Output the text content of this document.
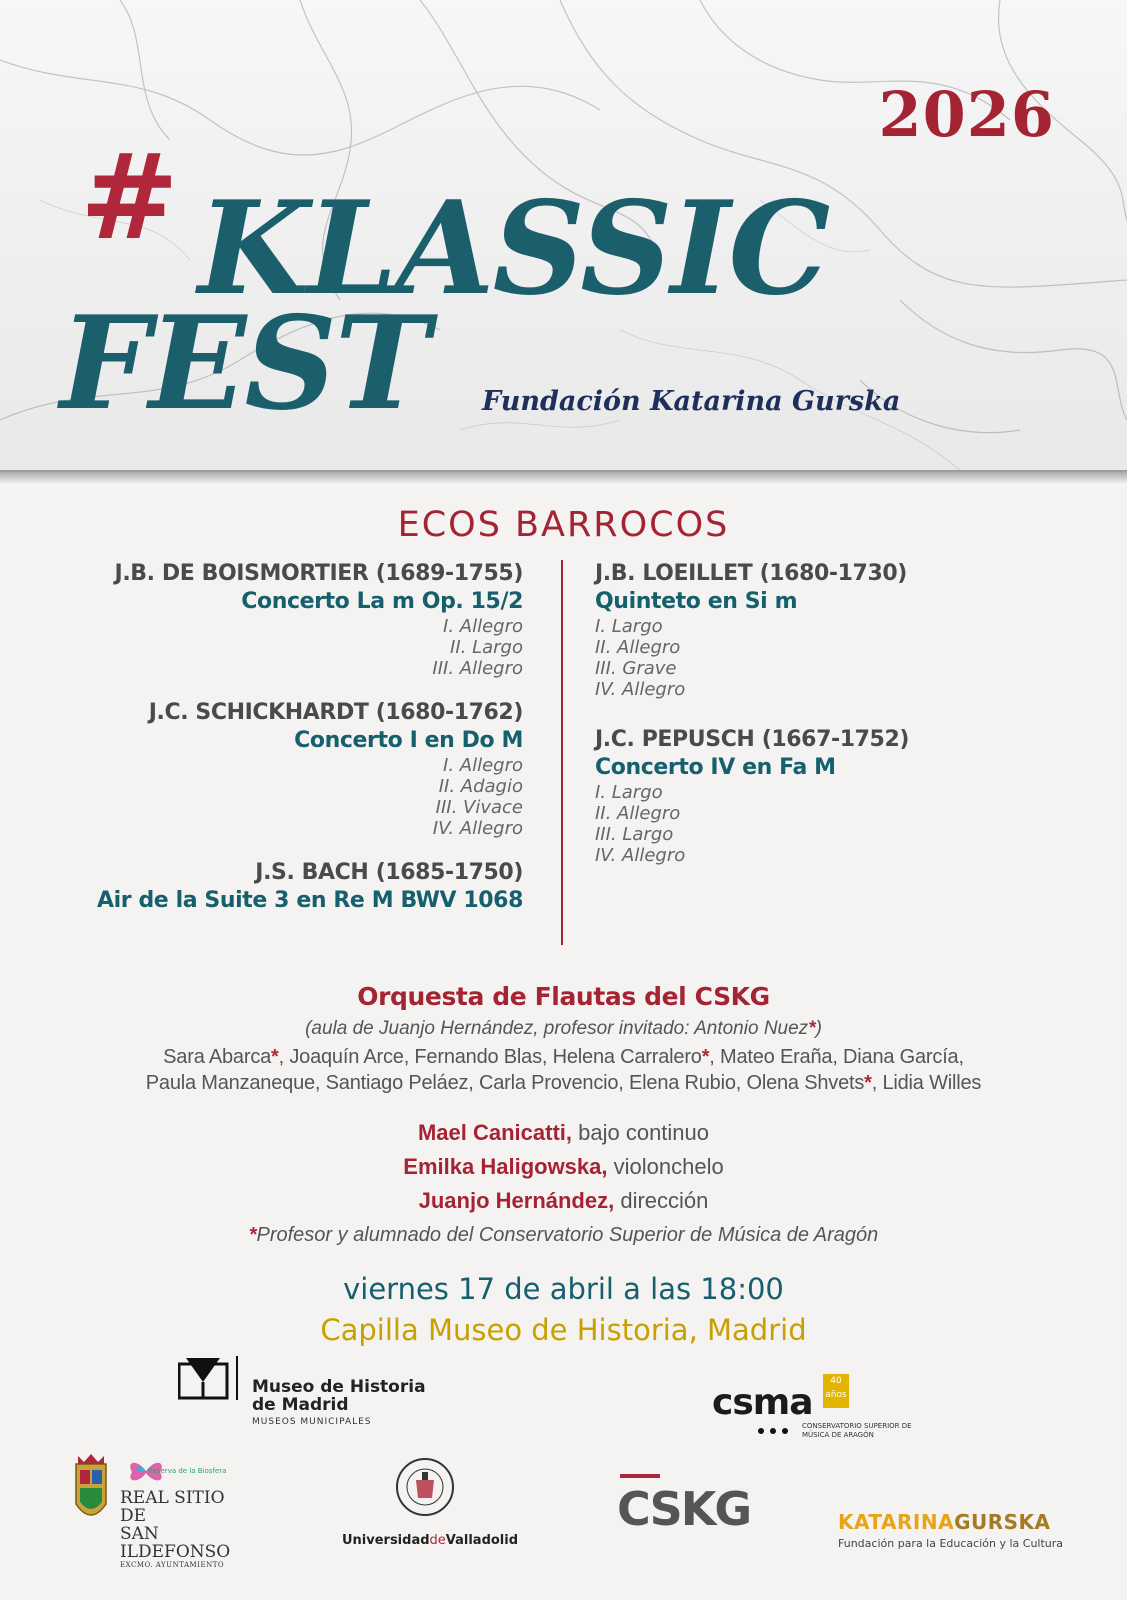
2026
# KLASSIC
FEST Fundación Katarina Gurska
ECOS BARROCOS
J.B. DE BOISMORTIER (1689-1755)
Concerto La m Op. 15/2
I. Allegro
II. Largo
III. Allegro
J.C. SCHICKHARDT (1680-1762)
Concerto I en Do M
I. Allegro
II. Adagio
III. Vivace
IV. Allegro
J.S. BACH (1685-1750)
Air de la Suite 3 en Re M BWV 1068
J.B. LOEILLET (1680-1730)
Quinteto en Si m
I. Largo
II. Allegro
III. Grave
IV. Allegro
J.C. PEPUSCH (1667-1752)
Concerto IV en Fa M
I. Largo
II. Allegro
III. Largo
IV. Allegro
Orquesta de Flautas del CSKG
(aula de Juanjo Hernández, profesor invitado: Antonio Nuez*)
Sara Abarca*, Joaquín Arce, Fernando Blas, Helena Carralero*, Mateo Eraña, Diana García,
Paula Manzaneque, Santiago Peláez, Carla Provencio, Elena Rubio, Olena Shvets*, Lidia Willes
Mael Canicatti, bajo continuo
Emilka Haligowska, violonchelo
Juanjo Hernández, dirección
*Profesor y alumnado del Conservatorio Superior de Música de Aragón
viernes 17 de abril a las 18:00
Capilla Museo de Historia, Madrid
Museo de Historia
de Madrid
MUSEOS MUNICIPALES	csma
40 años
CONSERVATORIO SUPERIOR DE MÚSICA DE ARAGÓN
Reserva de la Biosfera
REAL SITIO DE
SAN ILDEFONSO
EXCMO. AYUNTAMIENTO
UniversidaddeValladolid
CSKG	KATARINAGURSKA
Fundación para la Educación y la Cultura
